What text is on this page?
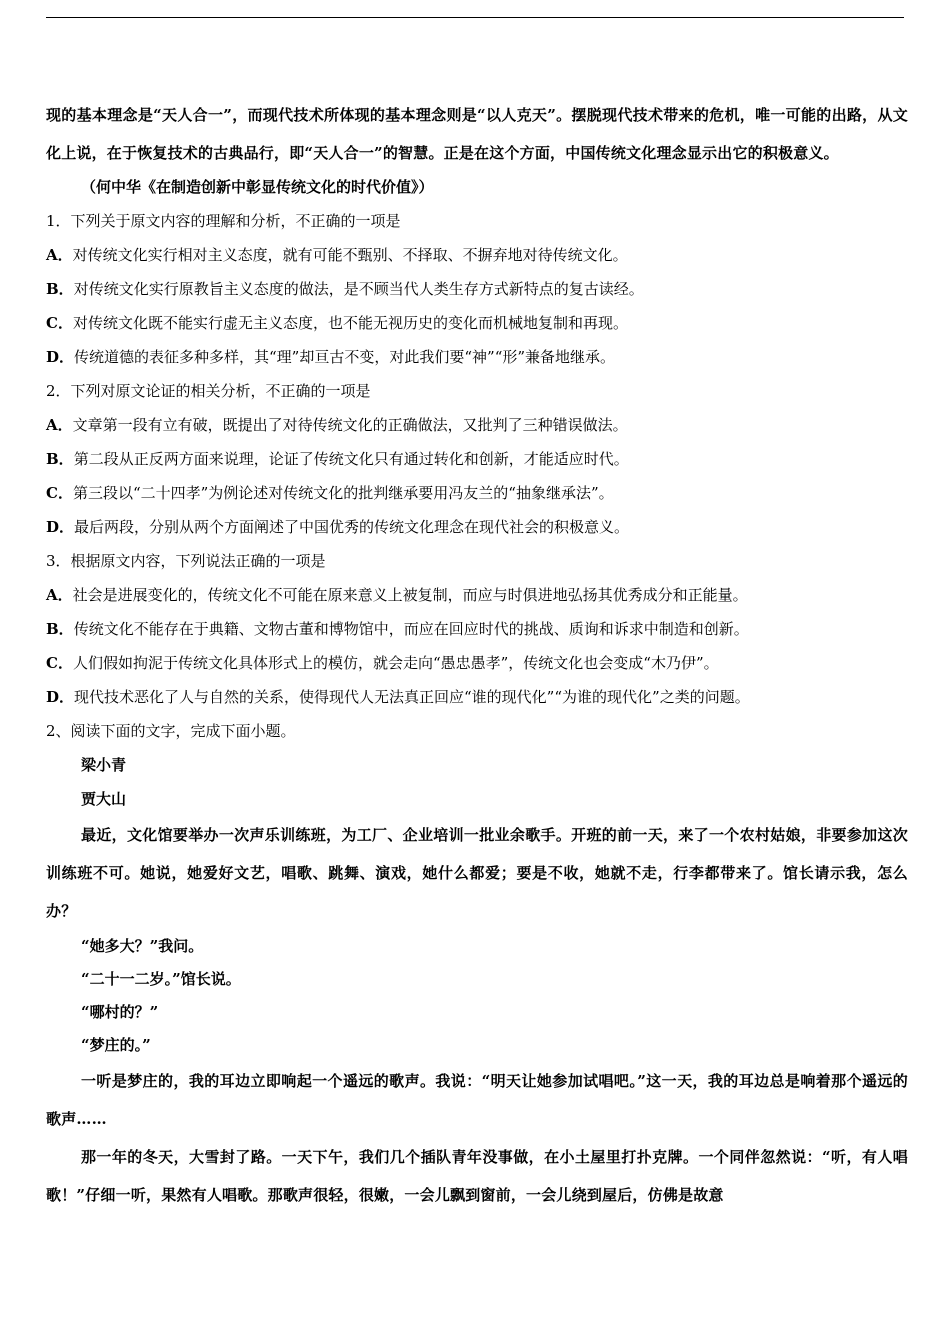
现的基本理念是“天人合一”，而现代技术所体现的基本理念则是“以人克天”。摆脱现代技术带来的危机，唯一可能的出路，从文化上说，在于恢复技术的古典品行，即“天人合一”的智慧。正是在这个方面，中国传统文化理念显示出它的积极意义。

（何中华《在制造创新中彰显传统文化的时代价值》）

1．下列关于原文内容的理解和分析，不正确的一项是

A．对传统文化实行相对主义态度，就有可能不甄别、不择取、不摒弃地对待传统文化。

B．对传统文化实行原教旨主义态度的做法，是不顾当代人类生存方式新特点的复古读经。

C．对传统文化既不能实行虚无主义态度，也不能无视历史的变化而机械地复制和再现。

D．传统道德的表征多种多样，其“理”却亘古不变，对此我们要“神”“形”兼备地继承。

2．下列对原文论证的相关分析，不正确的一项是

A．文章第一段有立有破，既提出了对待传统文化的正确做法，又批判了三种错误做法。

B．第二段从正反两方面来说理，论证了传统文化只有通过转化和创新，才能适应时代。

C．第三段以“二十四孝”为例论述对传统文化的批判继承要用冯友兰的“抽象继承法”。

D．最后两段，分别从两个方面阐述了中国优秀的传统文化理念在现代社会的积极意义。

3．根据原文内容，下列说法正确的一项是

A．社会是进展变化的，传统文化不可能在原来意义上被复制，而应与时俱进地弘扬其优秀成分和正能量。

B．传统文化不能存在于典籍、文物古董和博物馆中，而应在回应时代的挑战、质询和诉求中制造和创新。

C．人们假如拘泥于传统文化具体形式上的模仿，就会走向“愚忠愚孝”，传统文化也会变成“木乃伊”。

D．现代技术恶化了人与自然的关系，使得现代人无法真正回应“谁的现代化”“为谁的现代化”之类的问题。

2、阅读下面的文字，完成下面小题。

梁小青

贾大山

最近，文化馆要举办一次声乐训练班，为工厂、企业培训一批业余歌手。开班的前一天，来了一个农村姑娘，非要参加这次训练班不可。她说，她爱好文艺，唱歌、跳舞、演戏，她什么都爱；要是不收，她就不走，行李都带来了。馆长请示我，怎么办？

“她多大？”我问。

“二十一二岁。”馆长说。

“哪村的？”

“梦庄的。”

一听是梦庄的，我的耳边立即响起一个遥远的歌声。我说：“明天让她参加试唱吧。”这一天，我的耳边总是响着那个遥远的歌声……

那一年的冬天，大雪封了路。一天下午，我们几个插队青年没事做，在小土屋里打扑克牌。一个同伴忽然说：“听，有人唱歌！”仔细一听，果然有人唱歌。那歌声很轻，很嫩，一会儿飘到窗前，一会儿绕到屋后，仿佛是故意
